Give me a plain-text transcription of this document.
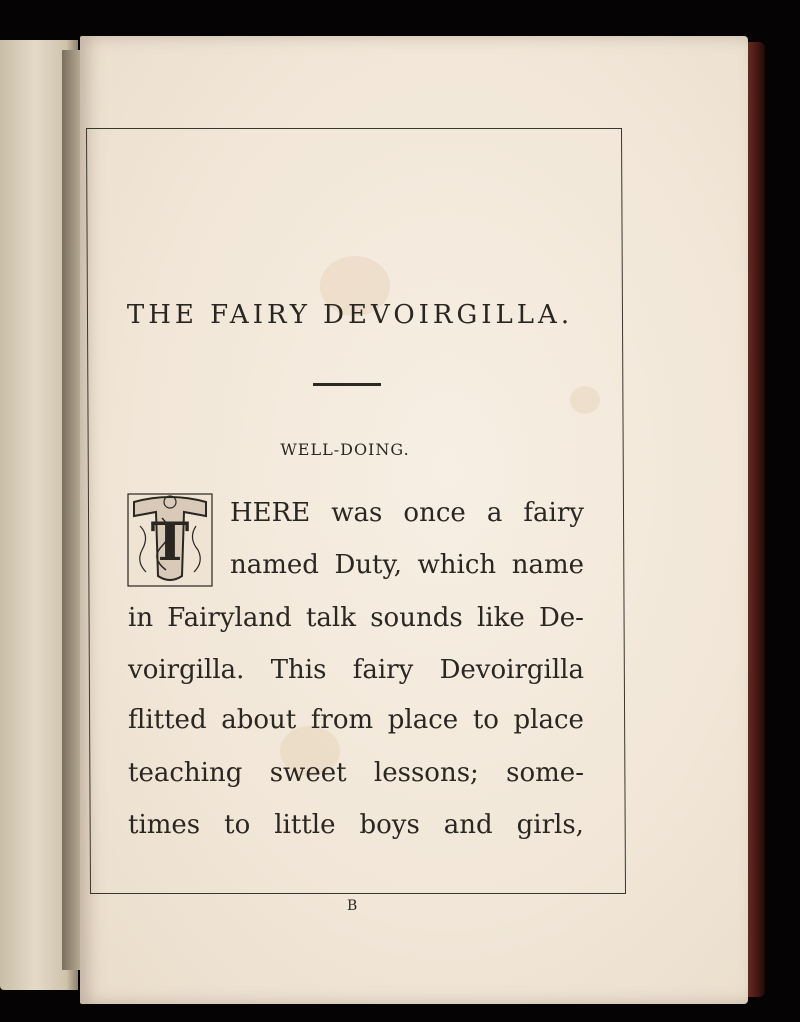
THE FAIRY DEVOIRGILLA.
WELL-DOING.
T HERE was once a fairy
named Duty, which name
in Fairyland talk sounds like De-
voirgilla. This fairy Devoirgilla
flitted about from place to place
teaching sweet lessons; some-
times to little boys and girls,
B
